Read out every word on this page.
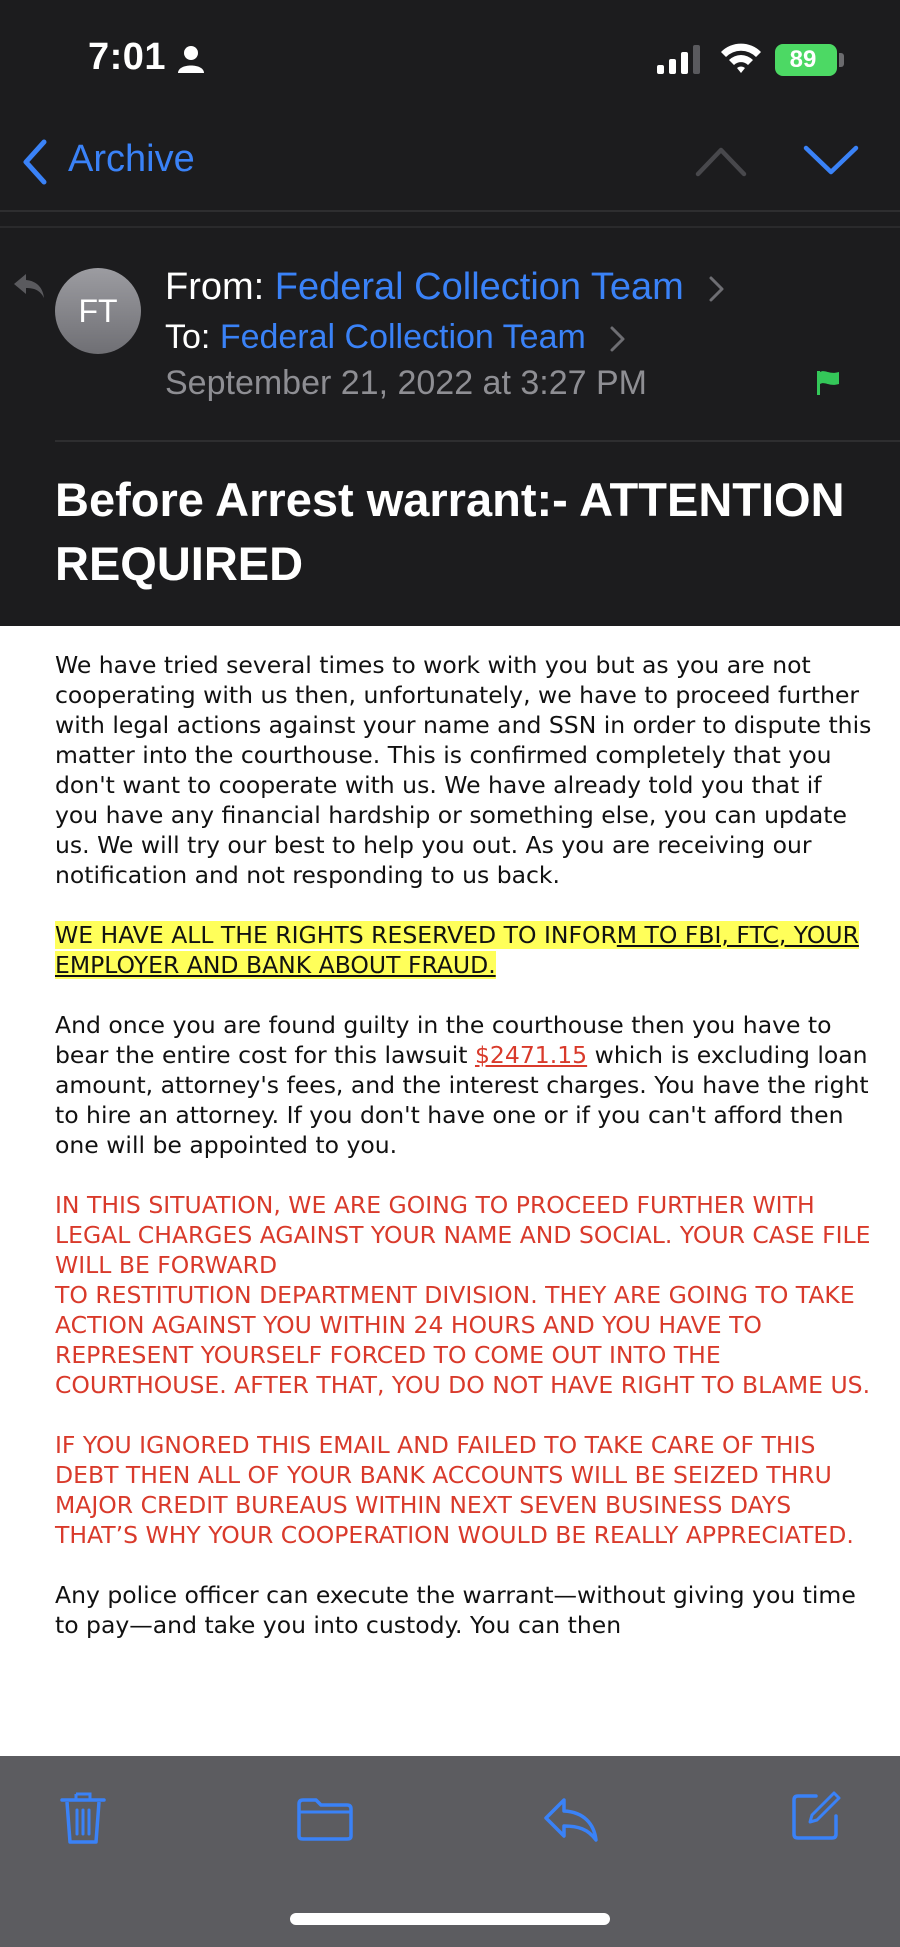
7:01	89
Archive
FT
From: Federal Collection Team
To: Federal Collection Team
September 21, 2022 at 3:27 PM
Before Arrest warrant:- ATTENTION REQUIRED

We have tried several times to work with you but as you are not cooperating with us then, unfortunately, we have to proceed further with legal actions against your name and SSN in order to dispute this matter into the courthouse. This is confirmed completely that you don't want to cooperate with us. We have already told you that if you have any financial hardship or something else, you can update us. We will try our best to help you out. As you are receiving our notification and not responding to us back.

WE HAVE ALL THE RIGHTS RESERVED TO INFORM TO FBI, FTC, YOUR EMPLOYER AND BANK ABOUT FRAUD.

And once you are found guilty in the courthouse then you have to bear the entire cost for this lawsuit $2471.15 which is excluding loan amount, attorney's fees, and the interest charges. You have the right to hire an attorney. If you don't have one or if you can't afford then one will be appointed to you.

IN THIS SITUATION, WE ARE GOING TO PROCEED FURTHER WITH LEGAL CHARGES AGAINST YOUR NAME AND SOCIAL. YOUR CASE FILE WILL BE FORWARD
TO RESTITUTION DEPARTMENT DIVISION. THEY ARE GOING TO TAKE ACTION AGAINST YOU WITHIN 24 HOURS AND YOU HAVE TO REPRESENT YOURSELF FORCED TO COME OUT INTO THE COURTHOUSE. AFTER THAT, YOU DO NOT HAVE RIGHT TO BLAME US.

IF YOU IGNORED THIS EMAIL AND FAILED TO TAKE CARE OF THIS DEBT THEN ALL OF YOUR BANK ACCOUNTS WILL BE SEIZED THRU MAJOR CREDIT BUREAUS WITHIN NEXT SEVEN BUSINESS DAYS THAT’S WHY YOUR COOPERATION WOULD BE REALLY APPRECIATED.

Any police officer can execute the warrant—without giving you time to pay—and take you into custody. You can then
